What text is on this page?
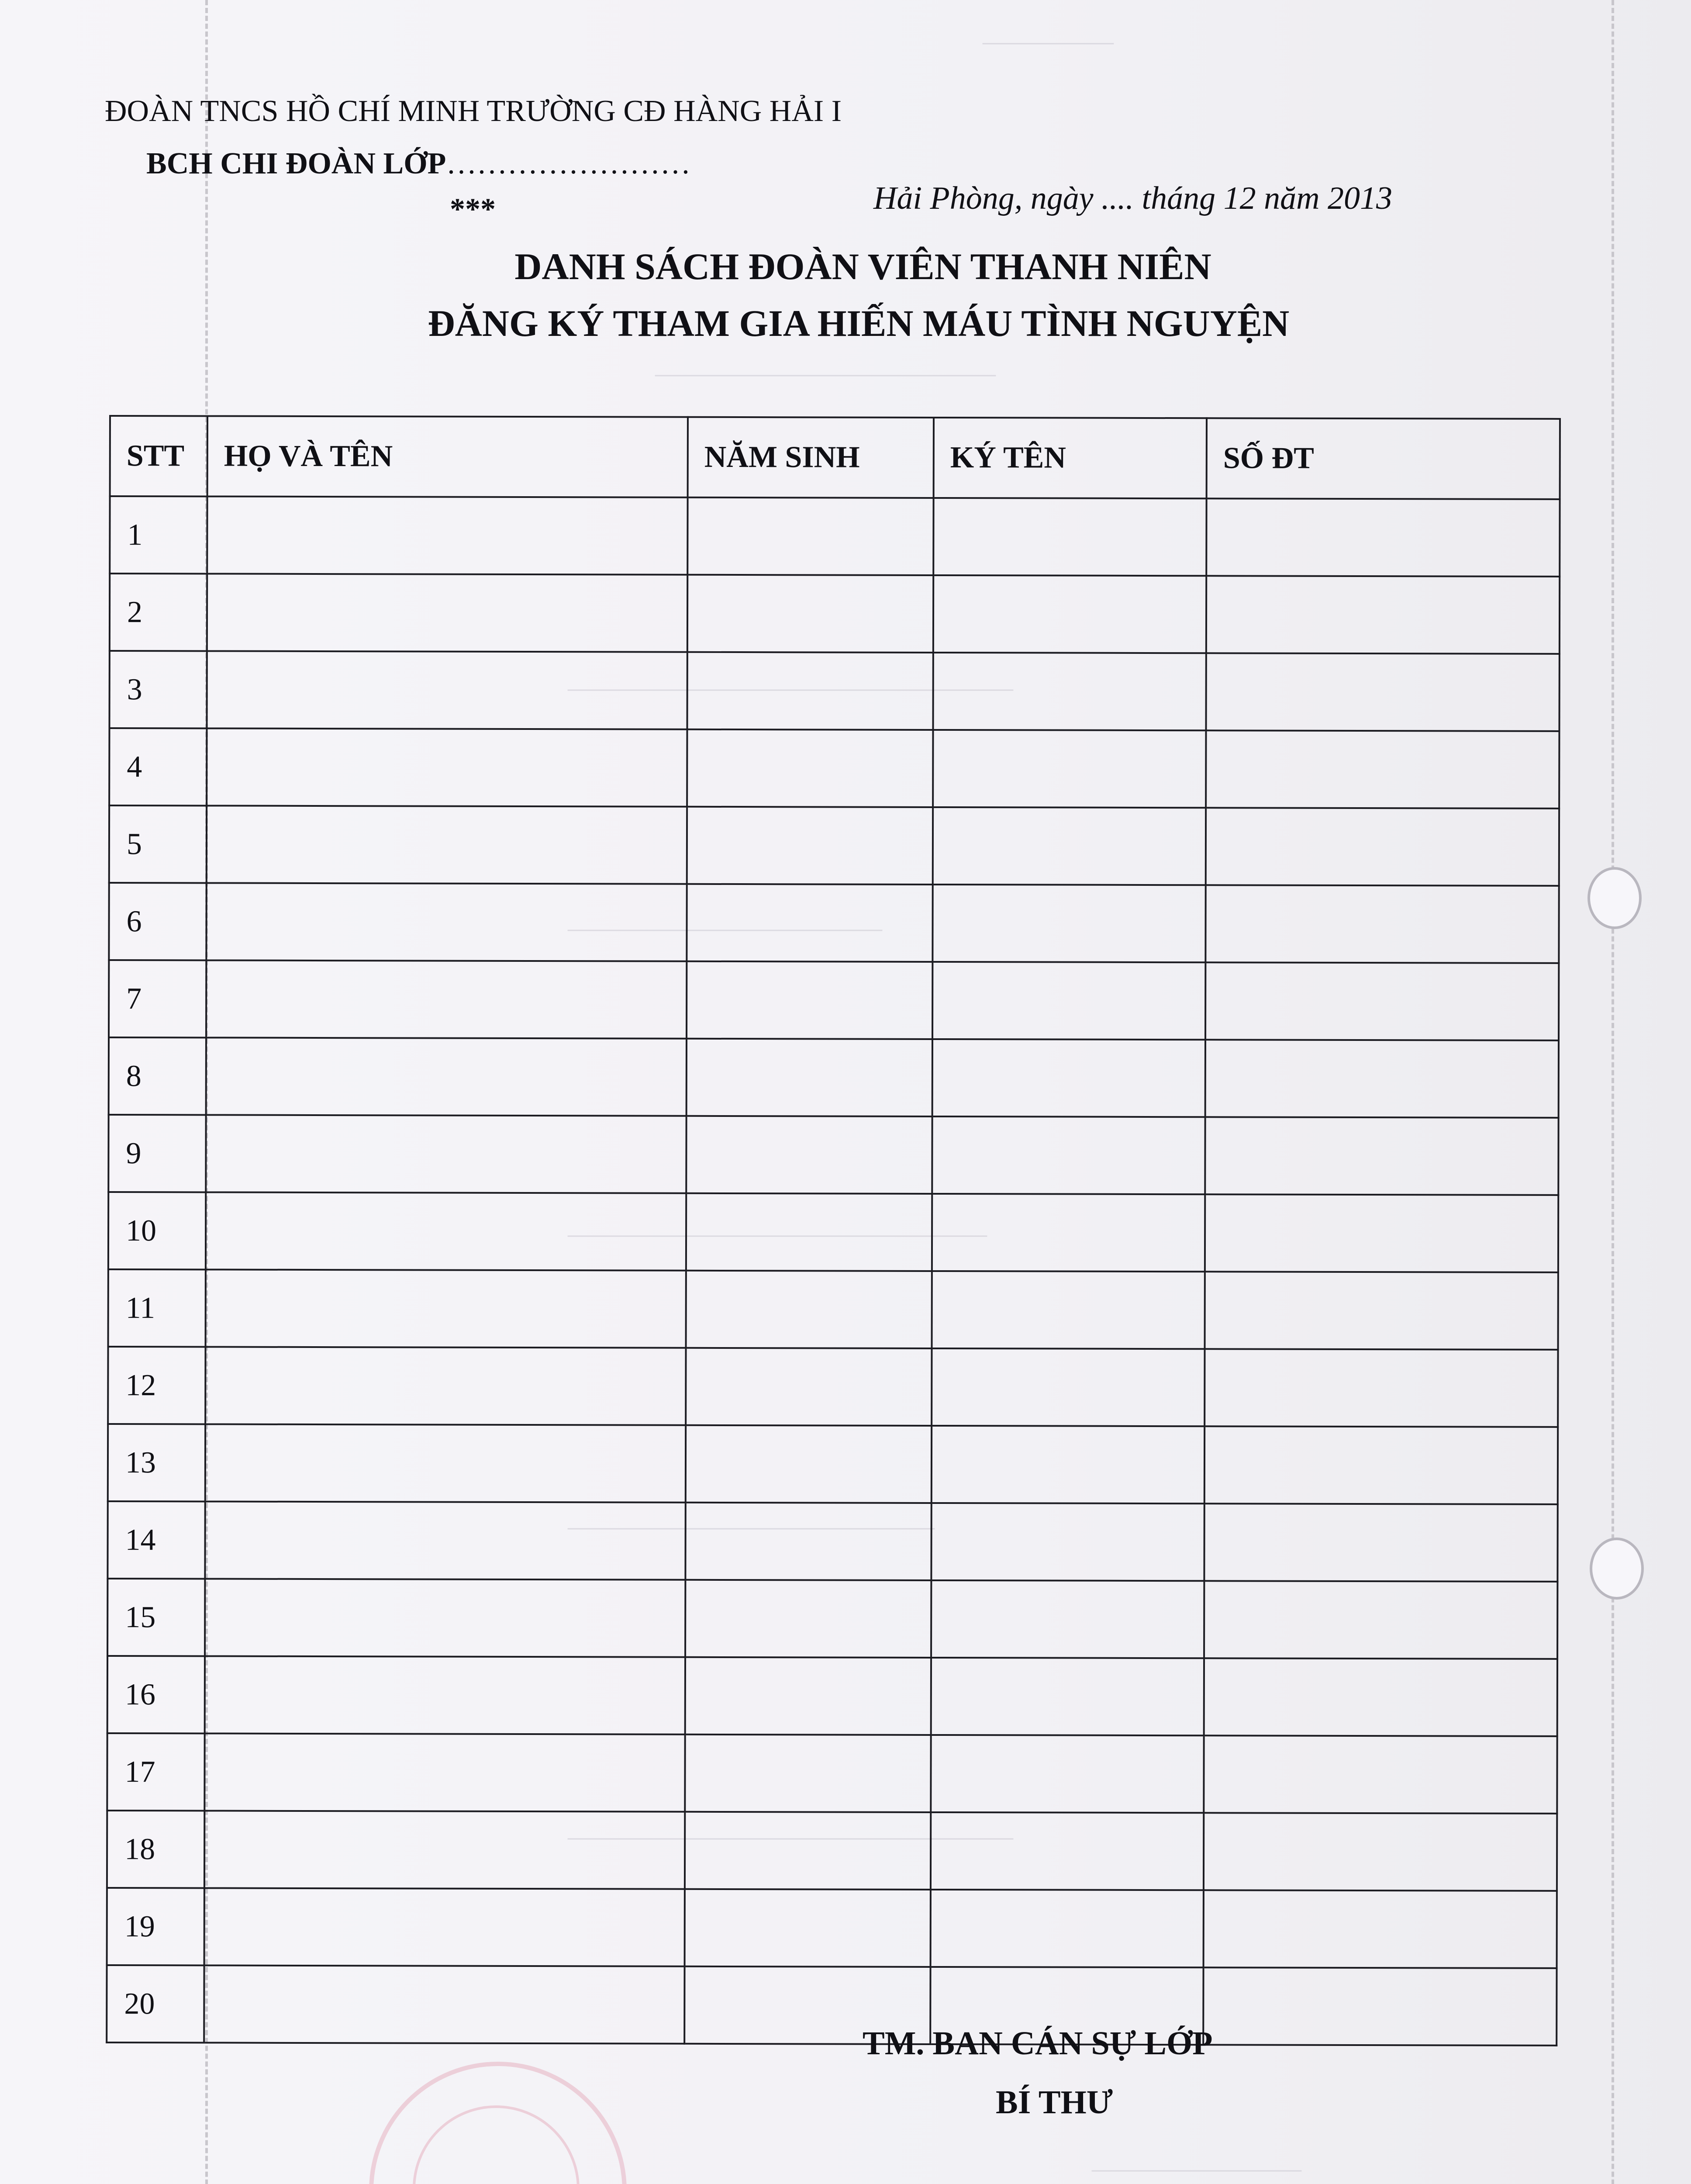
—————
—————————————
—————————————————
————————————
————————————————
——————————————
—————————————————
————————
ĐOÀN TNCS HỒ CHÍ MINH TRƯỜNG CĐ HÀNG HẢI I
BCH CHI ĐOÀN LỚP……………………
***	Hải Phòng, ngày .... tháng 12 năm 2013
DANH SÁCH ĐOÀN VIÊN THANH NIÊN
ĐĂNG KÝ THAM GIA HIẾN MÁU TÌNH NGUYỆN
STT	HỌ VÀ TÊN	NĂM SINH	KÝ TÊN	SỐ ĐT
1				
2				
3				
4				
5				
6				
7				
8				
9				
10				
11				
12				
13				
14				
15				
16				
17				
18				
19				
20				
TM. BAN CÁN SỰ LỚP
BÍ THƯ
